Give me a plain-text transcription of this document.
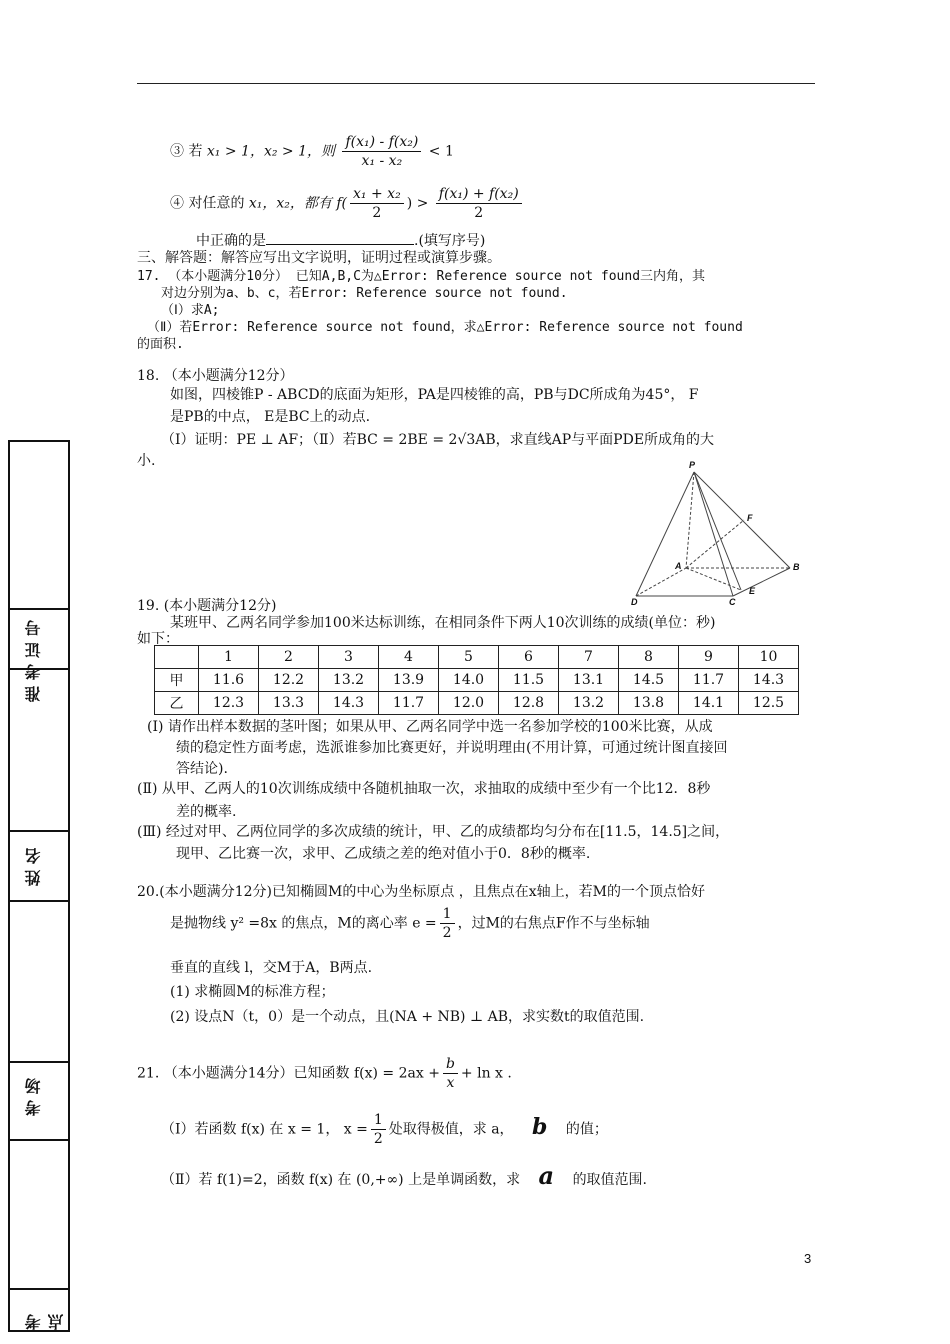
③ 若 x₁ > 1，x₂ > 1，则 $\frac{\text{f(x₁) - f(x₂)}}{\text{x₁ - x₂}} < 1$
④ 对任意的 x₁，x₂，都有 $f( \frac{\text{x₁ + x₂}}{2}$ ) > $\frac{\text{f(x₁) + f(x₂)}}{2}$
中正确的是	.(填写序号)
三、解答题：解答应写出文字说明，证明过程或演算步骤。
17. （本小题满分10分） 已知A,B,C为△Error: Reference source not found三内角，其
对边分别为a、b、c，若Error: Reference source not found.
（Ⅰ）求A;
（Ⅱ）若Error: Reference source not found，求△Error: Reference source not found
的面积.
18. （本小题满分12分）
如图，四棱锥P - ABCD的底面为矩形，PA是四棱锥的高，PB与DC所成角为45°， F
是PB的中点， E是BC上的动点.
（Ⅰ）证明：PE ⊥ AF；（Ⅱ）若BC = 2BE = 2√3AB，求直线AP与平面PDE所成角的大
小.	P
F
A	B
E
C
D
19. (本小题满分12分)
某班甲、乙两名同学参加100米达标训练，在相同条件下两人10次训练的成绩(单位：秒)
如下：
	1	2	3	4	5	6	7	8	9	10
甲	11.6	12.2	13.2	13.9	14.0	11.5	13.1	14.5	11.7	14.3
乙	12.3	13.3	14.3	11.7	12.0	12.8	13.2	13.8	14.1	12.5
(Ⅰ) 请作出样本数据的茎叶图；如果从甲、乙两名同学中选一名参加学校的100米比赛，从成
绩的稳定性方面考虑，选派谁参加比赛更好，并说明理由(不用计算，可通过统计图直接回
答结论).
(Ⅱ) 从甲、乙两人的10次训练成绩中各随机抽取一次，求抽取的成绩中至少有一个比12．8秒
差的概率.
(Ⅲ) 经过对甲、乙两位同学的多次成绩的统计，甲、乙的成绩都均匀分布在[11.5，14.5]之间，
现甲、乙比赛一次，求甲、乙成绩之差的绝对值小于0．8秒的概率.
20.(本小题满分12分)已知椭圆M的中心为坐标原点 ，且焦点在x轴上，若M的一个顶点恰好
是抛物线 y² =8x 的焦点，M的离心率 $e = \frac{1}{2}$ ，过M的右焦点F作不与坐标轴
垂直的直线 l，交M于A，B两点.
(1) 求椭圆M的标准方程；
(2) 设点N（t，0）是一个动点，且(NA + NB) ⊥ AB，求实数t的取值范围.
21. （本小题满分14分）已知函数 $f(x) = 2ax + \frac{b}{x} + \ln x$ .
（Ⅰ）若函数 f(x) 在 x = 1， $x = \frac{1}{2}$ 处取得极值，求 a， b 的值；
（Ⅱ）若 f(1)=2，函数 f(x) 在 (0,+∞) 上是单调函数，求 a 的取值范围.
准考证号
姓名
考场
考点
3
